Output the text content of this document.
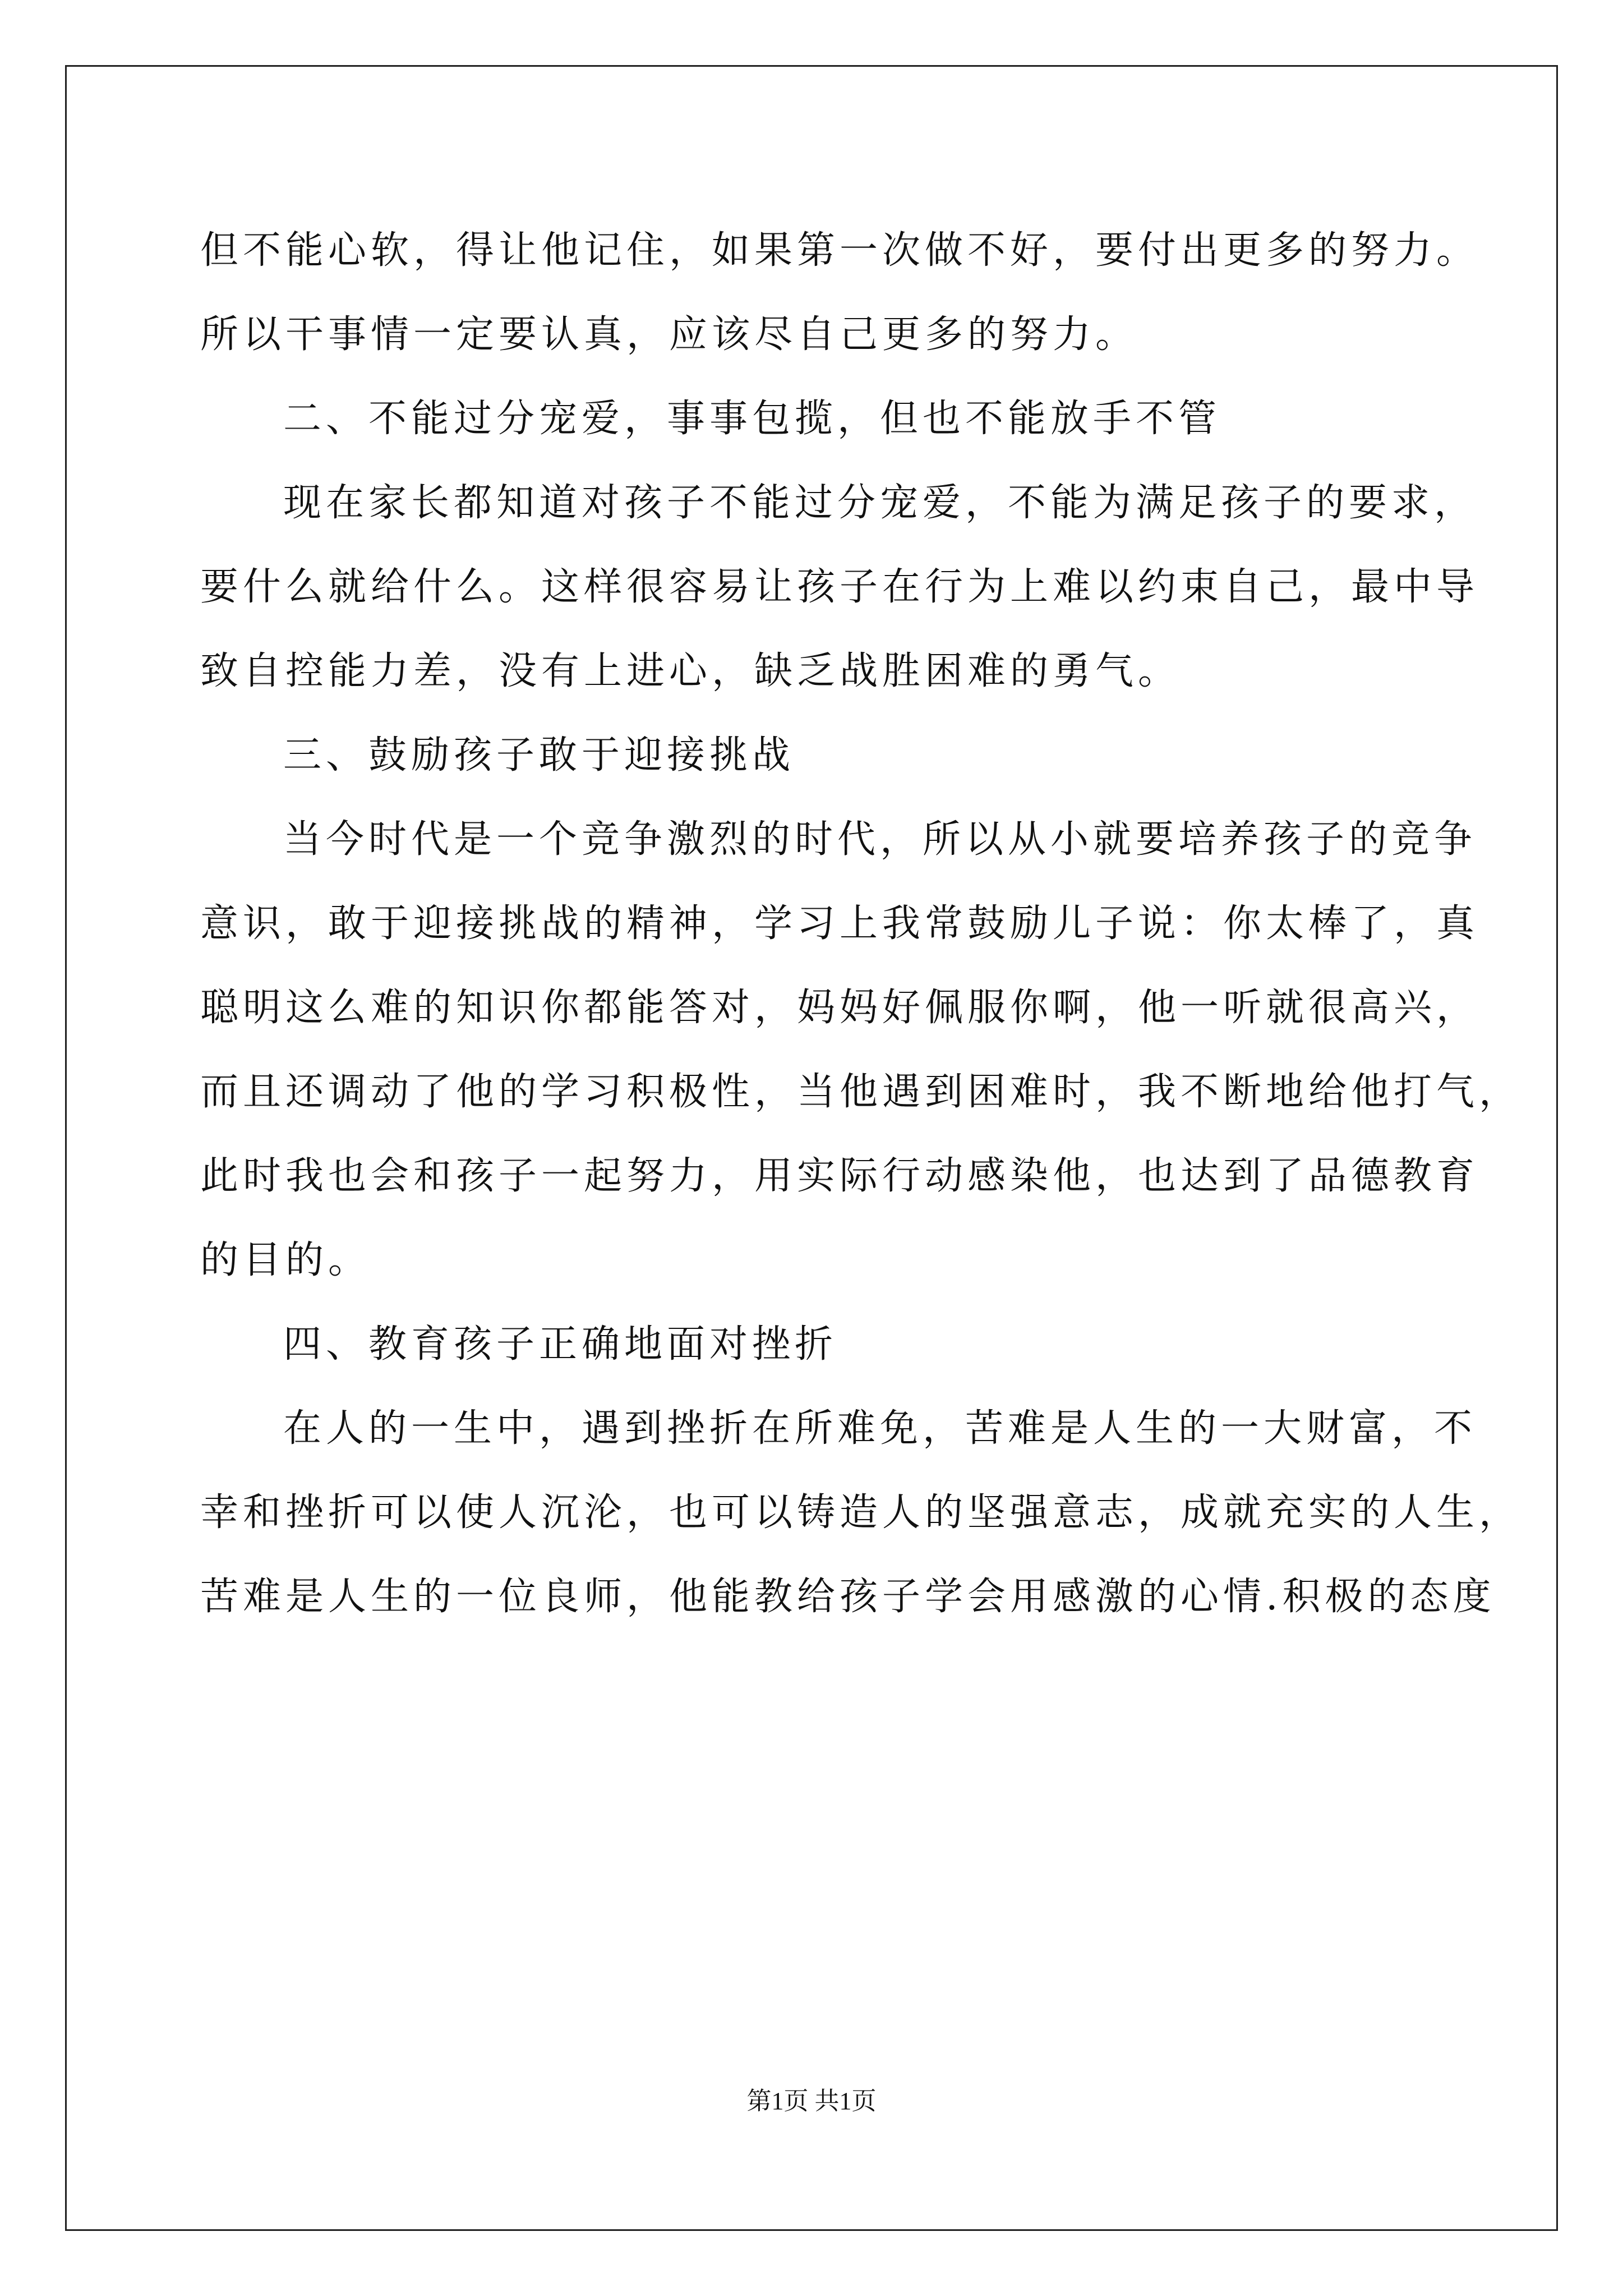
但不能心软，得让他记住，如果第一次做不好，要付出更多的努力。
所以干事情一定要认真，应该尽自己更多的努力。
二、不能过分宠爱，事事包揽，但也不能放手不管
现在家长都知道对孩子不能过分宠爱，不能为满足孩子的要求，
要什么就给什么。这样很容易让孩子在行为上难以约束自己，最中导
致自控能力差，没有上进心，缺乏战胜困难的勇气。
三、鼓励孩子敢于迎接挑战
当今时代是一个竞争激烈的时代，所以从小就要培养孩子的竞争
意识，敢于迎接挑战的精神，学习上我常鼓励儿子说：你太棒了，真
聪明这么难的知识你都能答对，妈妈好佩服你啊，他一听就很高兴，
而且还调动了他的学习积极性，当他遇到困难时，我不断地给他打气，
此时我也会和孩子一起努力，用实际行动感染他，也达到了品德教育
的目的。
四、教育孩子正确地面对挫折
在人的一生中，遇到挫折在所难免，苦难是人生的一大财富，不
幸和挫折可以使人沉沦，也可以铸造人的坚强意志，成就充实的人生，
苦难是人生的一位良师，他能教给孩子学会用感激的心情.积极的态度
第1页 共1页
